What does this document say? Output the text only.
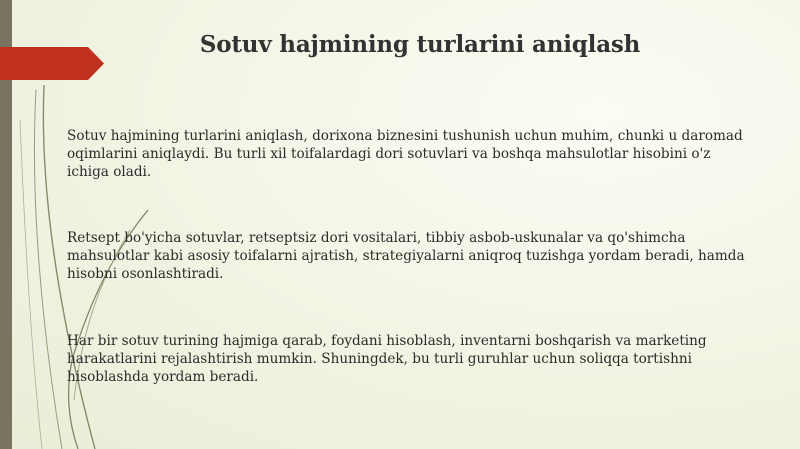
Sotuv hajmining turlarini aniqlash

Sotuv hajmining turlarini aniqlash, dorixona biznesini tushunish uchun muhim, chunki u daromad oqimlarini aniqlaydi. Bu turli xil toifalardagi dori sotuvlari va boshqa mahsulotlar hisobini o'z ichiga oladi.

Retsept bo'yicha sotuvlar, retseptsiz dori vositalari, tibbiy asbob-uskunalar va qo'shimcha mahsulotlar kabi asosiy toifalarni ajratish, strategiyalarni aniqroq tuzishga yordam beradi, hamda hisobni osonlashtiradi.

Har bir sotuv turining hajmiga qarab, foydani hisoblash, inventarni boshqarish va marketing harakatlarini rejalashtirish mumkin. Shuningdek, bu turli guruhlar uchun soliqqa tortishni hisoblashda yordam beradi.
